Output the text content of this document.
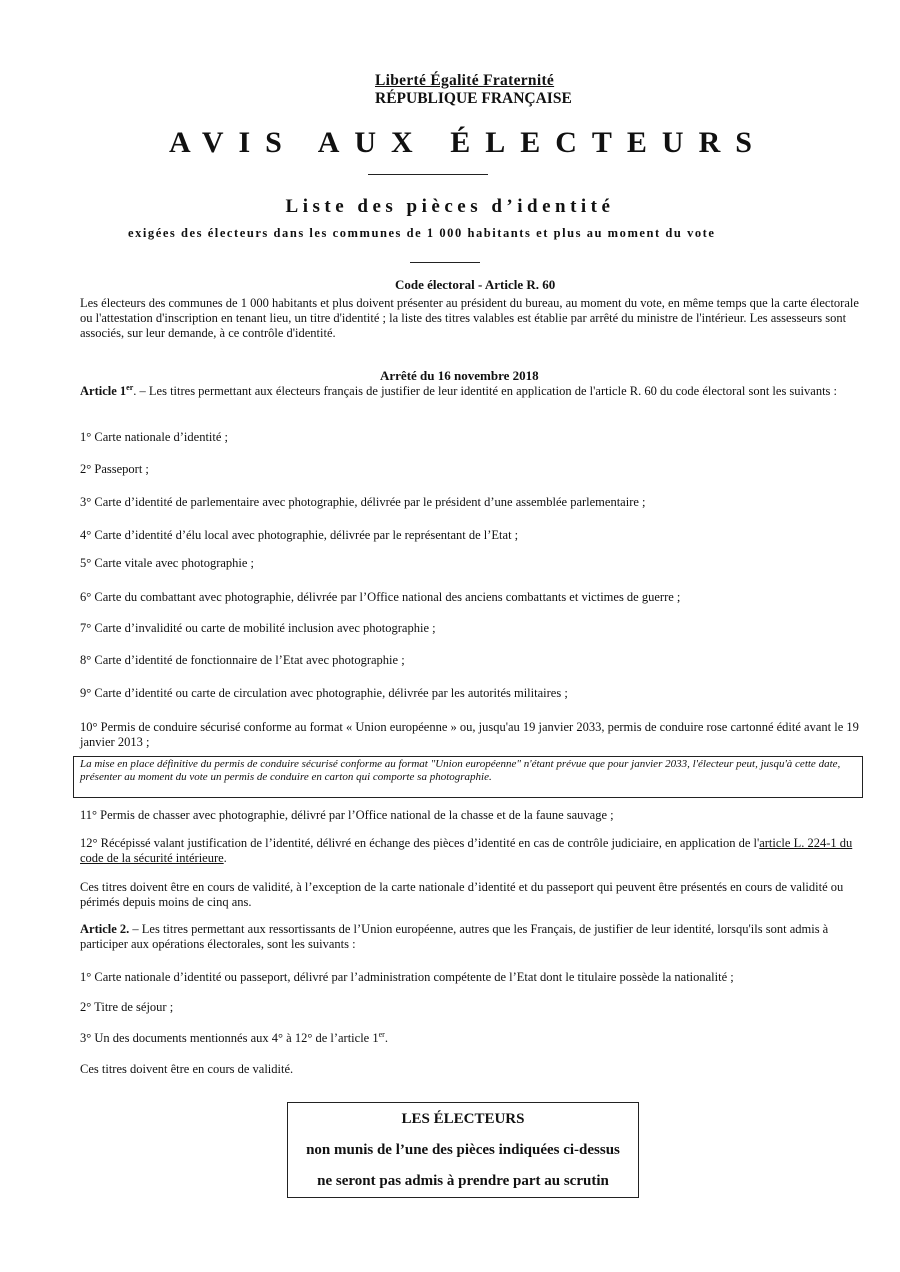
Liberté Égalité Fraternité
RÉPUBLIQUE FRANÇAISE
AVIS AUX ÉLECTEURS
Liste des pièces d’identité
exigées des électeurs dans les communes de 1 000 habitants et plus au moment du vote
Code électoral - Article R. 60
Les électeurs des communes de 1 000 habitants et plus doivent présenter au président du bureau, au moment du vote, en même temps que la carte électorale ou l'attestation d'inscription en tenant lieu, un titre d'identité ; la liste des titres valables est établie par arrêté du ministre de l'intérieur. Les assesseurs sont associés, sur leur demande, à ce contrôle d'identité.
Arrêté du 16 novembre 2018
Article 1er. – Les titres permettant aux électeurs français de justifier de leur identité en application de l'article R. 60 du code électoral sont les suivants :
1° Carte nationale d’identité ;
2° Passeport ;
3° Carte d’identité de parlementaire avec photographie, délivrée par le président d’une assemblée parlementaire ;
4° Carte d’identité d’élu local avec photographie, délivrée par le représentant de l’Etat ;
5° Carte vitale avec photographie ;
6° Carte du combattant avec photographie, délivrée par l’Office national des anciens combattants et victimes de guerre ;
7° Carte d’invalidité ou carte de mobilité inclusion avec photographie ;
8° Carte d’identité de fonctionnaire de l’Etat avec photographie ;
9° Carte d’identité ou carte de circulation avec photographie, délivrée par les autorités militaires ;
10° Permis de conduire sécurisé conforme au format « Union européenne » ou, jusqu'au 19 janvier 2033, permis de conduire rose cartonné édité avant le 19 janvier 2013 ;
La mise en place définitive du permis de conduire sécurisé conforme au format "Union européenne" n'étant prévue que pour janvier 2033, l'électeur peut, jusqu'à cette date, présenter au moment du vote un permis de conduire en carton qui comporte sa photographie.
11° Permis de chasser avec photographie, délivré par l’Office national de la chasse et de la faune sauvage ;
12° Récépissé valant justification de l’identité, délivré en échange des pièces d’identité en cas de contrôle judiciaire, en application de l'article L. 224-1 du code de la sécurité intérieure.
Ces titres doivent être en cours de validité, à l’exception de la carte nationale d’identité et du passeport qui peuvent être présentés en cours de validité ou périmés depuis moins de cinq ans.
Article 2. – Les titres permettant aux ressortissants de l’Union européenne, autres que les Français, de justifier de leur identité, lorsqu'ils sont admis à participer aux opérations électorales, sont les suivants :
1° Carte nationale d’identité ou passeport, délivré par l’administration compétente de l’Etat dont le titulaire possède la nationalité ;
2° Titre de séjour ;
3° Un des documents mentionnés aux 4° à 12° de l’article 1er.
Ces titres doivent être en cours de validité.
LES ÉLECTEURS
non munis de l’une des pièces indiquées ci-dessus
ne seront pas admis à prendre part au scrutin
